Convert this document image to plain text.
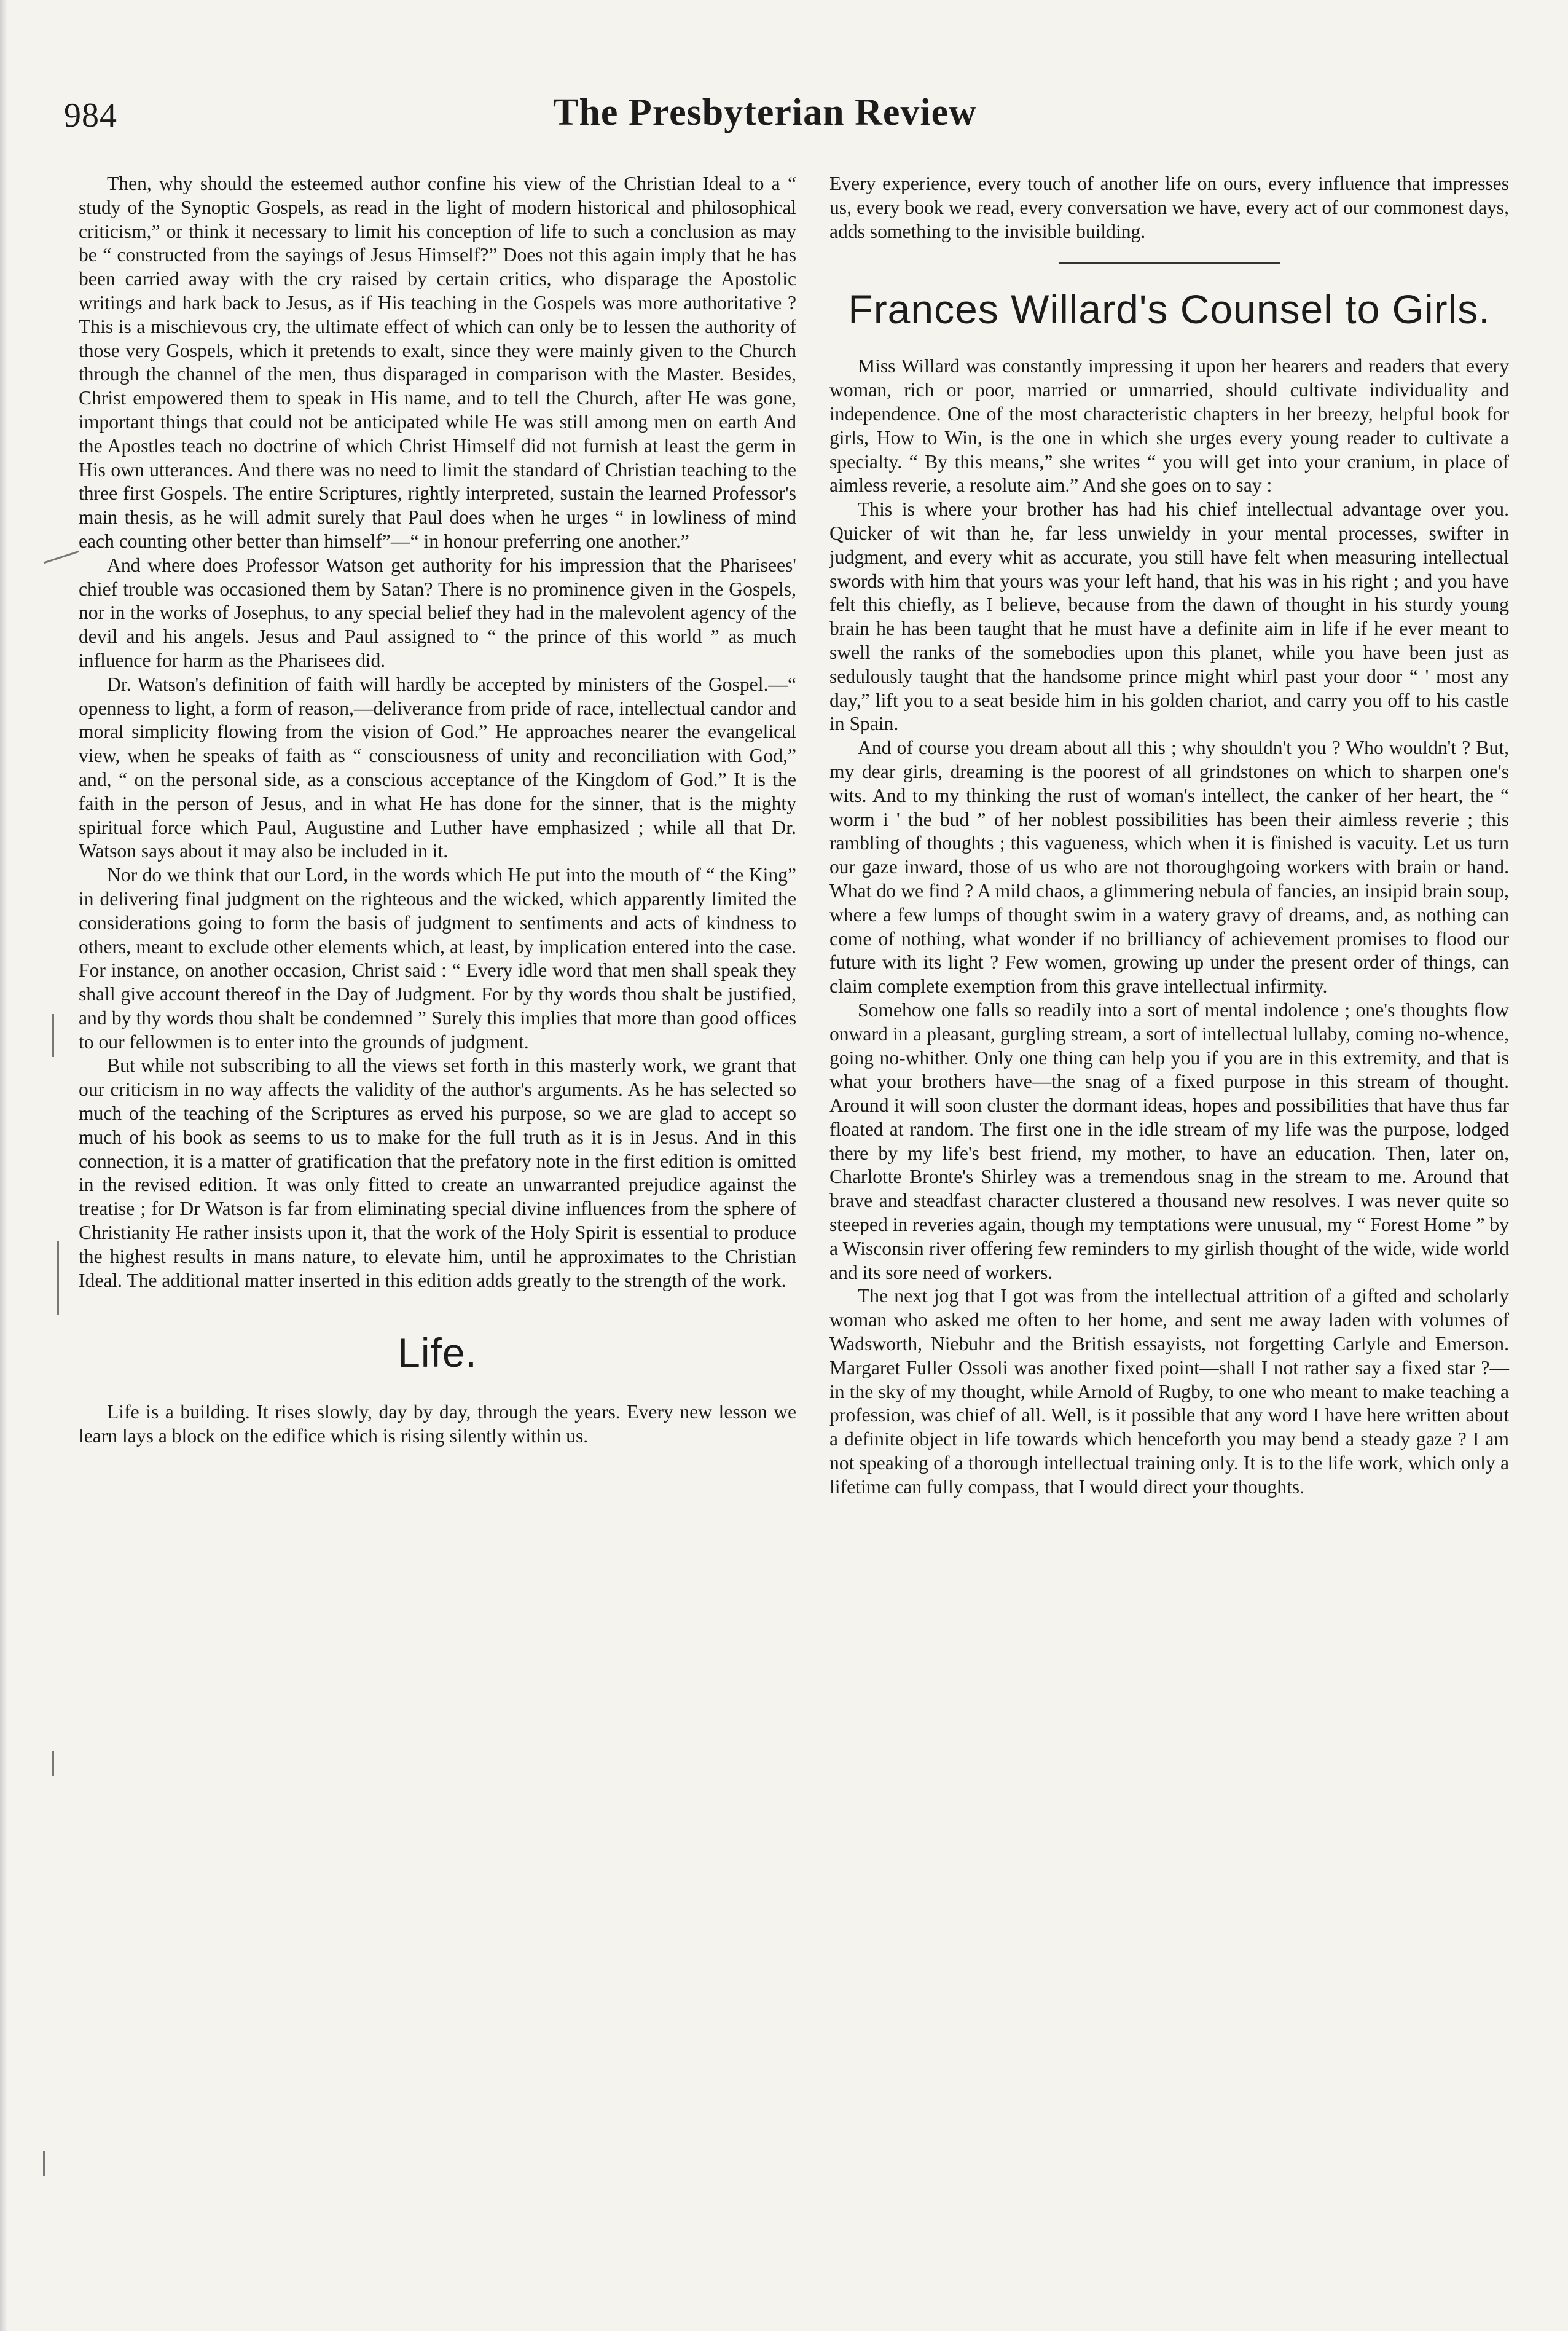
984	The Presbyterian Review

Then, why should the esteemed author confine his view of the Christian Ideal to a “ study of the Synoptic Gospels, as read in the light of modern historical and philosophical criticism,” or think it necessary to limit his conception of life to such a conclusion as may be “ constructed from the sayings of Jesus Himself?” Does not this again imply that he has been carried away with the cry raised by certain critics, who disparage the Apostolic writings and hark back to Jesus, as if His teaching in the Gospels was more authoritative ? This is a mischievous cry, the ultimate effect of which can only be to lessen the authority of those very Gospels, which it pretends to exalt, since they were mainly given to the Church through the channel of the men, thus disparaged in comparison with the Master. Besides, Christ empowered them to speak in His name, and to tell the Church, after He was gone, important things that could not be anticipated while He was still among men on earth And the Apostles teach no doctrine of which Christ Himself did not furnish at least the germ in His own utterances. And there was no need to limit the standard of Christian teaching to the three first Gospels. The entire Scriptures, rightly interpreted, sustain the learned Professor's main thesis, as he will admit surely that Paul does when he urges “ in lowliness of mind each counting other better than himself”—“ in honour preferring one another.”

And where does Professor Watson get authority for his impression that the Pharisees' chief trouble was occasioned them by Satan? There is no prominence given in the Gospels, nor in the works of Josephus, to any special belief they had in the malevolent agency of the devil and his angels. Jesus and Paul assigned to “ the prince of this world ” as much influence for harm as the Pharisees did.

Dr. Watson's definition of faith will hardly be accepted by ministers of the Gospel.—“ openness to light, a form of reason,—deliverance from pride of race, intellectual candor and moral simplicity flowing from the vision of God.” He approaches nearer the evangelical view, when he speaks of faith as “ consciousness of unity and reconciliation with God,” and, “ on the personal side, as a conscious acceptance of the Kingdom of God.” It is the faith in the person of Jesus, and in what He has done for the sinner, that is the mighty spiritual force which Paul, Augustine and Luther have emphasized ; while all that Dr. Watson says about it may also be included in it.

Nor do we think that our Lord, in the words which He put into the mouth of “ the King” in delivering final judgment on the righteous and the wicked, which apparently limited the considerations going to form the basis of judgment to sentiments and acts of kindness to others, meant to exclude other elements which, at least, by implication entered into the case. For instance, on another occasion, Christ said : “ Every idle word that men shall speak they shall give account thereof in the Day of Judgment. For by thy words thou shalt be justified, and by thy words thou shalt be condemned ” Surely this implies that more than good offices to our fellowmen is to enter into the grounds of judgment.

But while not subscribing to all the views set forth in this masterly work, we grant that our criticism in no way affects the validity of the author's arguments. As he has selected so much of the teaching of the Scriptures as erved his purpose, so we are glad to accept so much of his book as seems to us to make for the full truth as it is in Jesus. And in this connection, it is a matter of gratification that the prefatory note in the first edition is omitted in the revised edition. It was only fitted to create an unwarranted prejudice against the treatise ; for Dr Watson is far from eliminating special divine influences from the sphere of Christianity He rather insists upon it, that the work of the Holy Spirit is essential to produce the highest results in mans nature, to elevate him, until he approximates to the Christian Ideal. The additional matter inserted in this edition adds greatly to the strength of the work.

Life.

Life is a building. It rises slowly, day by day, through the years. Every new lesson we learn lays a block on the edifice which is rising silently within us.

Every experience, every touch of another life on ours, every influence that impresses us, every book we read, every conversation we have, every act of our commonest days, adds something to the invisible building.

Frances Willard's Counsel to Girls.

Miss Willard was constantly impressing it upon her hearers and readers that every woman, rich or poor, married or unmarried, should cultivate individuality and independence. One of the most characteristic chapters in her breezy, helpful book for girls, How to Win, is the one in which she urges every young reader to cultivate a specialty. “ By this means,” she writes “ you will get into your cranium, in place of aimless reverie, a resolute aim.” And she goes on to say :

This is where your brother has had his chief intellectual advantage over you. Quicker of wit than he, far less unwieldy in your mental processes, swifter in judgment, and every whit as accurate, you still have felt when measuring intellectual swords with him that yours was your left hand, that his was in his right ; and you have felt this chiefly, as I believe, because from the dawn of thought in his sturdy young brain he has been taught that he must have a definite aim in life if he ever meant to swell the ranks of the somebodies upon this planet, while you have been just as sedulously taught that the handsome prince might whirl past your door “ ' most any day,” lift you to a seat beside him in his golden chariot, and carry you off to his castle in Spain.

And of course you dream about all this ; why shouldn't you ? Who wouldn't ? But, my dear girls, dreaming is the poorest of all grindstones on which to sharpen one's wits. And to my thinking the rust of woman's intellect, the canker of her heart, the “ worm i ' the bud ” of her noblest possibilities has been their aimless reverie ; this rambling of thoughts ; this vagueness, which when it is finished is vacuity. Let us turn our gaze inward, those of us who are not thoroughgoing workers with brain or hand. What do we find ? A mild chaos, a glimmering nebula of fancies, an insipid brain soup, where a few lumps of thought swim in a watery gravy of dreams, and, as nothing can come of nothing, what wonder if no brilliancy of achievement promises to flood our future with its light ? Few women, growing up under the present order of things, can claim complete exemption from this grave intellectual infirmity.

Somehow one falls so readily into a sort of mental indolence ; one's thoughts flow onward in a pleasant, gurgling stream, a sort of intellectual lullaby, coming no-whence, going no-whither. Only one thing can help you if you are in this extremity, and that is what your brothers have—the snag of a fixed purpose in this stream of thought. Around it will soon cluster the dormant ideas, hopes and possibilities that have thus far floated at random. The first one in the idle stream of my life was the purpose, lodged there by my life's best friend, my mother, to have an education. Then, later on, Charlotte Bronte's Shirley was a tremendous snag in the stream to me. Around that brave and steadfast character clustered a thousand new resolves. I was never quite so steeped in reveries again, though my temptations were unusual, my “ Forest Home ” by a Wisconsin river offering few reminders to my girlish thought of the wide, wide world and its sore need of workers.

The next jog that I got was from the intellectual attrition of a gifted and scholarly woman who asked me often to her home, and sent me away laden with volumes of Wadsworth, Niebuhr and the British essayists, not forgetting Carlyle and Emerson. Margaret Fuller Ossoli was another fixed point—shall I not rather say a fixed star ?—in the sky of my thought, while Arnold of Rugby, to one who meant to make teaching a profession, was chief of all. Well, is it possible that any word I have here written about a definite object in life towards which henceforth you may bend a steady gaze ? I am not speaking of a thorough intellectual training only. It is to the life work, which only a lifetime can fully compass, that I would direct your thoughts.
